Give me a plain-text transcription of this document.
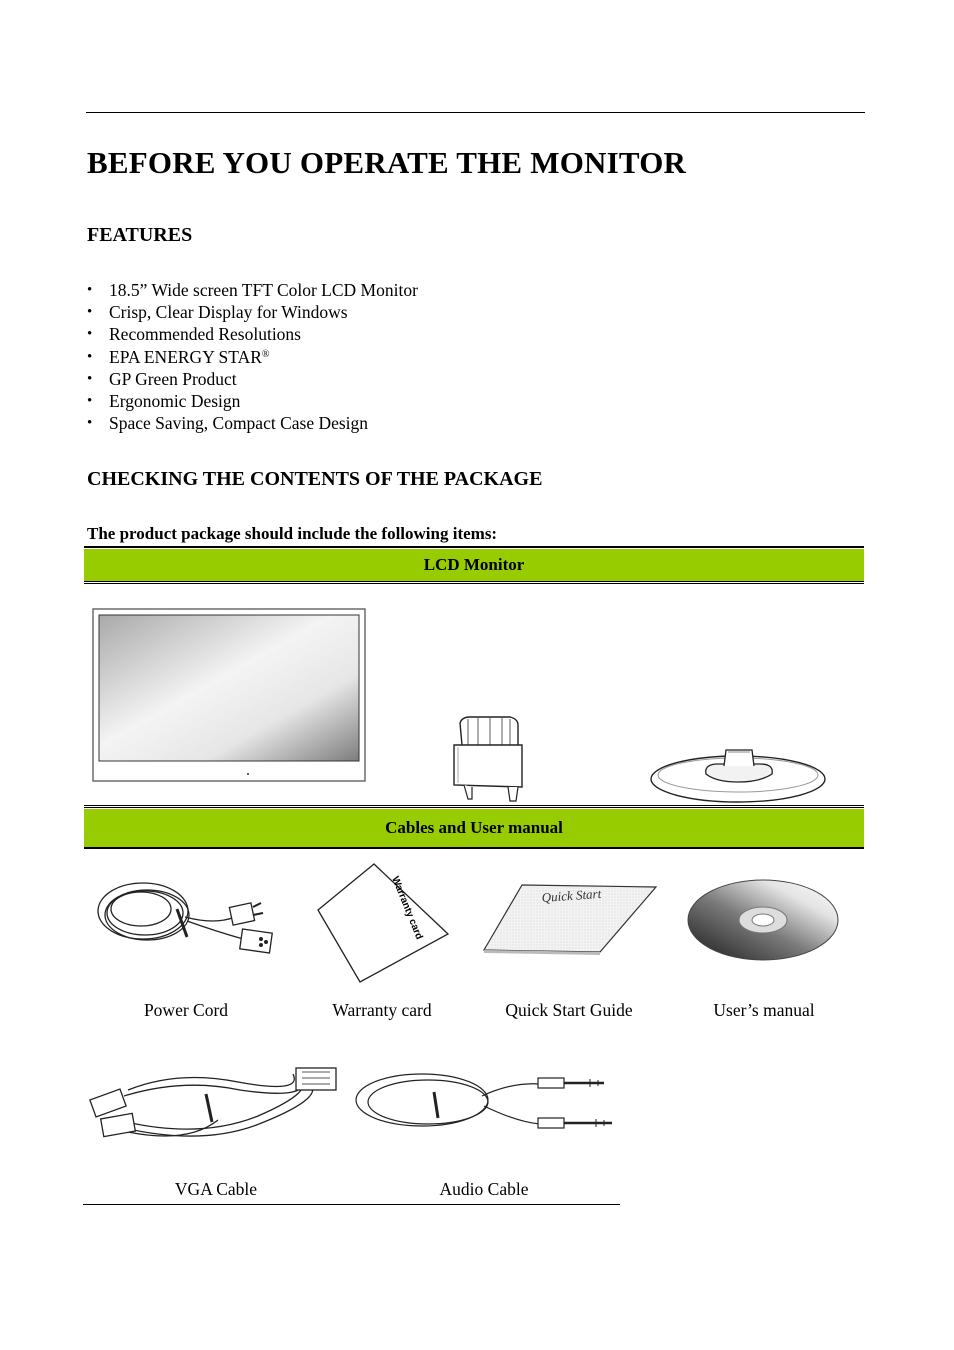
BEFORE YOU OPERATE THE MONITOR
FEATURES
• 18.5” Wide screen TFT Color LCD Monitor
• Crisp, Clear Display for Windows
• Recommended Resolutions
• EPA ENERGY STAR®
• GP Green Product
• Ergonomic Design
• Space Saving, Compact Case Design
CHECKING THE CONTENTS OF THE PACKAGE
The product package should include the following items:
LCD Monitor
Cables and User manual
Warranty card	Quick Start
Power Cord	Warranty card	Quick Start Guide	User’s manual
VGA Cable	Audio Cable
